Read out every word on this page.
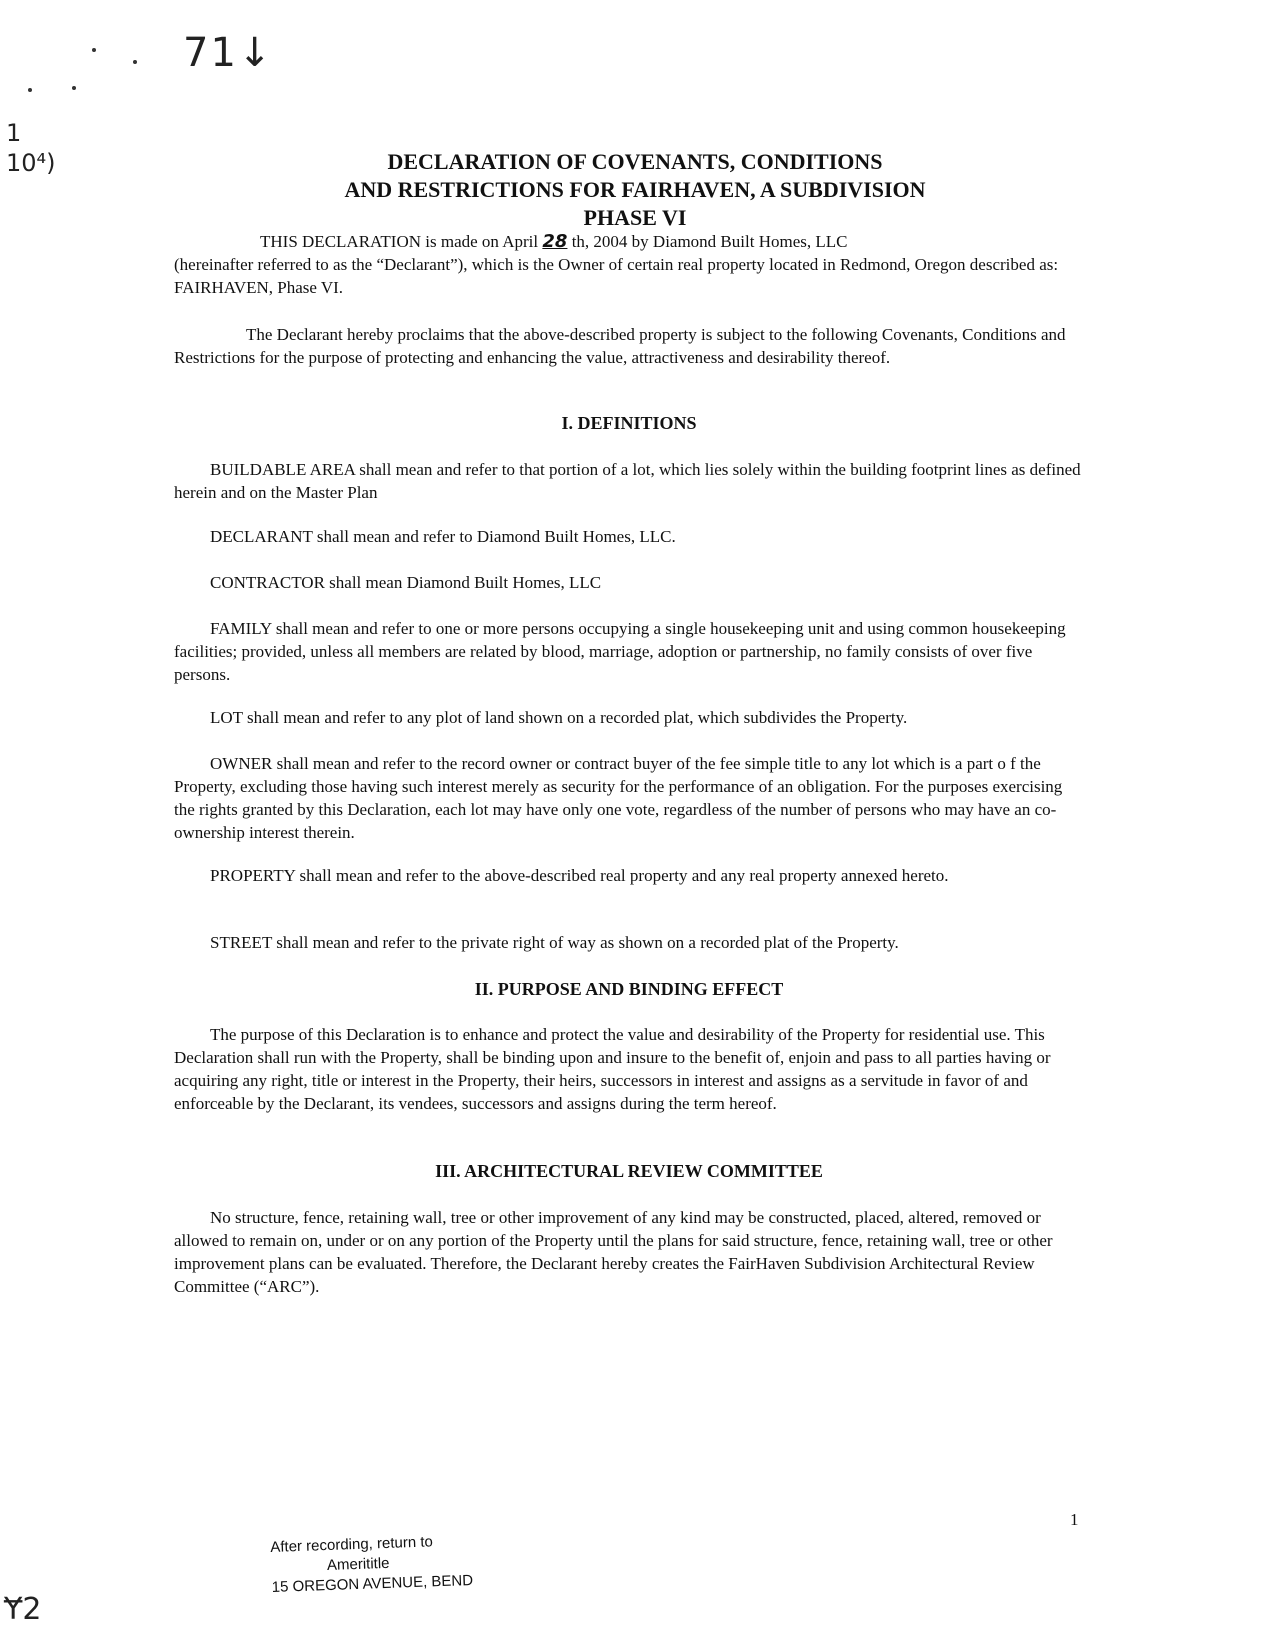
71↓
1
10⁴)
Ɏ2
DECLARATION OF COVENANTS, CONDITIONS
AND RESTRICTIONS FOR FAIRHAVEN, A SUBDIVISION
PHASE VI

THIS DECLARATION is made on April 28 th, 2004 by Diamond Built Homes, LLC

(hereinafter referred to as the “Declarant”), which is the Owner of certain real property located in Redmond, Oregon described as: FAIRHAVEN, Phase VI.

The Declarant hereby proclaims that the above-described property is subject to the following Covenants, Conditions and Restrictions for the purpose of protecting and enhancing the value, attractiveness and desirability thereof.

I. DEFINITIONS

BUILDABLE AREA shall mean and refer to that portion of a lot, which lies solely within the building footprint lines as defined herein and on the Master Plan

DECLARANT shall mean and refer to Diamond Built Homes, LLC.

CONTRACTOR shall mean Diamond Built Homes, LLC

FAMILY shall mean and refer to one or more persons occupying a single housekeeping unit and using common housekeeping facilities; provided, unless all members are related by blood, marriage, adoption or partnership, no family consists of over five persons.

LOT shall mean and refer to any plot of land shown on a recorded plat, which subdivides the Property.

OWNER shall mean and refer to the record owner or contract buyer of the fee simple title to any lot which is a part o f the Property, excluding those having such interest merely as security for the performance of an obligation. For the purposes exercising the rights granted by this Declaration, each lot may have only one vote, regardless of the number of persons who may have an co-ownership interest therein.

PROPERTY shall mean and refer to the above-described real property and any real property annexed hereto.

STREET shall mean and refer to the private right of way as shown on a recorded plat of the Property.

II. PURPOSE AND BINDING EFFECT

The purpose of this Declaration is to enhance and protect the value and desirability of the Property for residential use. This Declaration shall run with the Property, shall be binding upon and insure to the benefit of, enjoin and pass to all parties having or acquiring any right, title or interest in the Property, their heirs, successors in interest and assigns as a servitude in favor of and enforceable by the Declarant, its vendees, successors and assigns during the term hereof.

III. ARCHITECTURAL REVIEW COMMITTEE

No structure, fence, retaining wall, tree or other improvement of any kind may be constructed, placed, altered, removed or allowed to remain on, under or on any portion of the Property until the plans for said structure, fence, retaining wall, tree or other improvement plans can be evaluated. Therefore, the Declarant hereby creates the FairHaven Subdivision Architectural Review Committee (“ARC”).

1
After recording, return to
Amerititle
15 OREGON AVENUE, BEND
